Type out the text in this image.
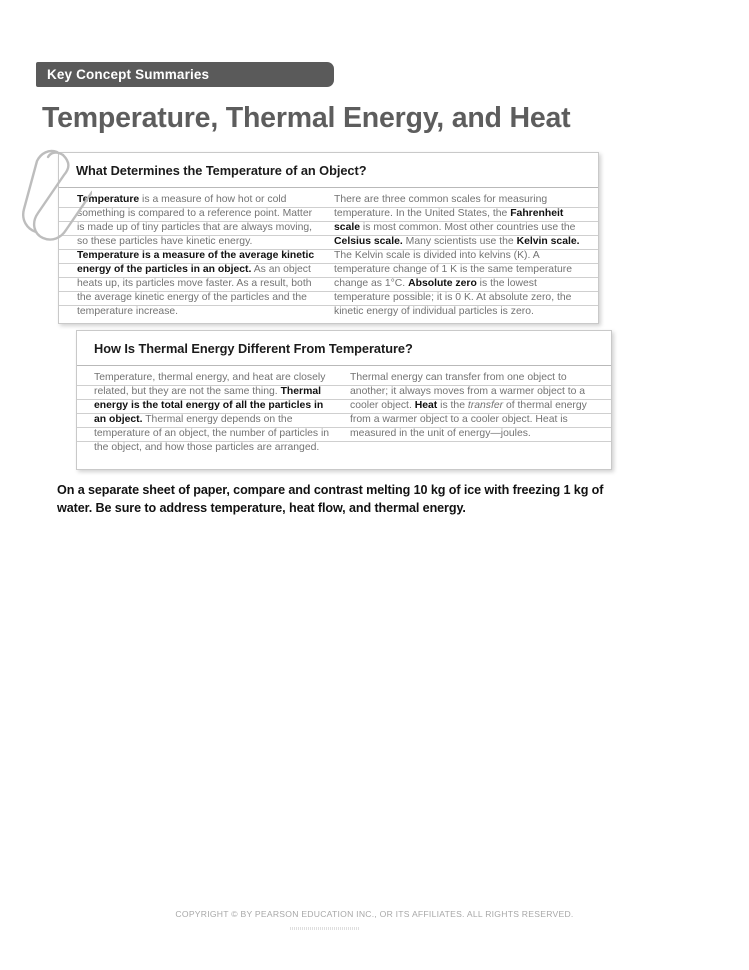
Key Concept Summaries
Temperature, Thermal Energy, and Heat
What Determines the Temperature of an Object?
Temperature is a measure of how hot or cold something is compared to a reference point. Matter is made up of tiny particles that are always moving, so these particles have kinetic energy. Temperature is a measure of the average kinetic energy of the particles in an object. As an object heats up, its particles move faster. As a result, both the average kinetic energy of the particles and the temperature increase.
There are three common scales for measuring temperature. In the United States, the Fahrenheit scale is most common. Most other countries use the Celsius scale. Many scientists use the Kelvin scale. The Kelvin scale is divided into kelvins (K). A temperature change of 1 K is the same temperature change as 1°C. Absolute zero is the lowest temperature possible; it is 0 K. At absolute zero, the kinetic energy of individual particles is zero.
How Is Thermal Energy Different From Temperature?
Temperature, thermal energy, and heat are closely related, but they are not the same thing. Thermal energy is the total energy of all the particles in an object. Thermal energy depends on the temperature of an object, the number of particles in the object, and how those particles are arranged.
Thermal energy can transfer from one object to another; it always moves from a warmer object to a cooler object. Heat is the transfer of thermal energy from a warmer object to a cooler object. Heat is measured in the unit of energy—joules.
On a separate sheet of paper, compare and contrast melting 10 kg of ice with freezing 1 kg of water. Be sure to address temperature, heat flow, and thermal energy.
COPYRIGHT © BY PEARSON EDUCATION INC., OR ITS AFFILIATES. ALL RIGHTS RESERVED.
